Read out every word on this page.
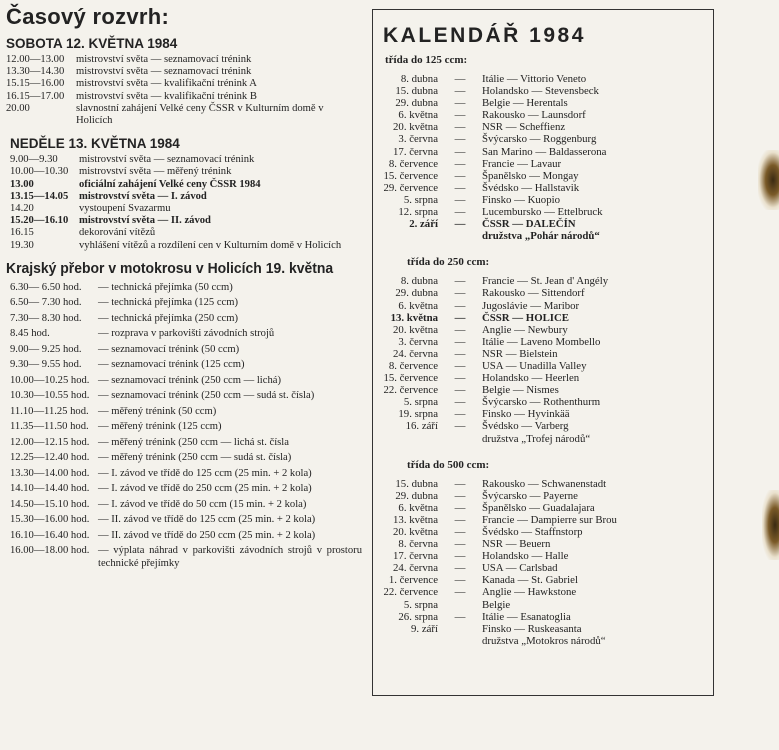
Časový rozvrh:
SOBOTA 12. KVĚTNA 1984
12.00—13.00	mistrovství světa — seznamovací trénink
13.30—14.30	mistrovství světa — seznamovací trénink
15.15—16.00	mistrovství světa — kvalifikační trénink A
16.15—17.00	mistrovství světa — kvalifikační trénink B
20.00	slavnostní zahájení Velké ceny ČSSR v Kulturním domě v Holicích
NEDĚLE 13. KVĚTNA 1984
9.00—9.30	mistrovství světa — seznamovací trénink
10.00—10.30	mistrovství světa — měřený trénink
13.00	oficiální zahájení Velké ceny ČSSR 1984
13.15—14.05	mistrovství světa — I. závod
14.20	vystoupení Svazarmu
15.20—16.10	mistrovství světa — II. závod
16.15	dekorování vítězů
19.30	vyhlášení vítězů a rozdílení cen v Kulturním domě v Holicích
Krajský přebor v motokrosu v Holicích 19. května
6.30— 6.50 hod.	— technická přejímka (50 ccm)
6.50— 7.30 hod.	— technická přejímka (125 ccm)
7.30— 8.30 hod.	— technická přejímka (250 ccm)
8.45 hod.	— rozprava v parkovišti závodních strojů
9.00— 9.25 hod.	— seznamovací trénink (50 ccm)
9.30— 9.55 hod.	— seznamovací trénink (125 ccm)
10.00—10.25 hod. — seznamovací trénink (250 ccm — lichá)
10.30—10.55 hod. — seznamovací trénink (250 ccm — sudá st. čísla)
11.10—11.25 hod. — měřený trénink (50 ccm)
11.35—11.50 hod. — měřený trénink (125 ccm)
12.00—12.15 hod. — měřený trénink (250 ccm — lichá st. čísla
12.25—12.40 hod. — měřený trénink (250 ccm — sudá st. čísla)
13.30—14.00 hod. — I. závod ve třídě do 125 ccm (25 min. + 2 kola)
14.10—14.40 hod. — I. závod ve třídě do 250 ccm (25 min. + 2 kola)
14.50—15.10 hod. — I. závod ve třídě do 50 ccm (15 min. + 2 kola)
15.30—16.00 hod. — II. závod ve třídě do 125 ccm (25 min. + 2 kola)
16.10—16.40 hod. — II. závod ve třídě do 250 ccm (25 min. + 2 kola)
16.00—18.00 hod. — výplata náhrad v parkovišti závodních strojů v prostoru technické přejímky
KALENDÁŘ 1984
třída do 125 ccm:
8. dubna	—	Itálie — Vittorio Veneto
15. dubna	—	Holandsko — Stevensbeck
29. dubna	—	Belgie — Herentals
6. května	—	Rakousko — Launsdorf
20. května	—	NSR — Scheffienz
3. června	—	Švýcarsko — Roggenburg
17. června	—	San Marino — Baldasserona
8. července	—	Francie — Lavaur
15. července	—	Španělsko — Mongay
29. července	—	Švédsko — Hallstavik
5. srpna	—	Finsko — Kuopio
12. srpna	—	Lucembursko — Ettelbruck
2. září	—	ČSSR — DALEČÍN
družstva „Pohár národů“
třída do 250 ccm:
8. dubna	—	Francie — St. Jean d' Angély
29. dubna	—	Rakousko — Sittendorf
6. května	—	Jugoslávie — Maribor
13. května	—	ČSSR — HOLICE
20. května	—	Anglie — Newbury
3. června	—	Itálie — Laveno Mombello
24. června	—	NSR — Bielstein
8. července	—	USA — Unadilla Valley
15. července	—	Holandsko — Heerlen
22. července	—	Belgie — Nismes
5. srpna	—	Švýcarsko — Rothenthurm
19. srpna	—	Finsko — Hyvinkää
16. září	—	Švédsko — Varberg
družstva „Trofej národů“
třída do 500 ccm:
15. dubna	—	Rakousko — Schwanenstadt
29. dubna	—	Švýcarsko — Payerne
6. května	—	Španělsko — Guadalajara
13. května	—	Francie — Dampierre sur Brou
20. května	—	Švédsko — Staffnstorp
8. června	—	NSR — Beuern
17. června	—	Holandsko — Halle
24. června	—	USA — Carlsbad
1. července	—	Kanada — St. Gabriel
22. července	—	Anglie — Hawkstone
5. srpna	Belgie
26. srpna	—	Itálie — Esanatoglia
9. září	Finsko — Ruskeasanta
družstva „Motokros národů“
